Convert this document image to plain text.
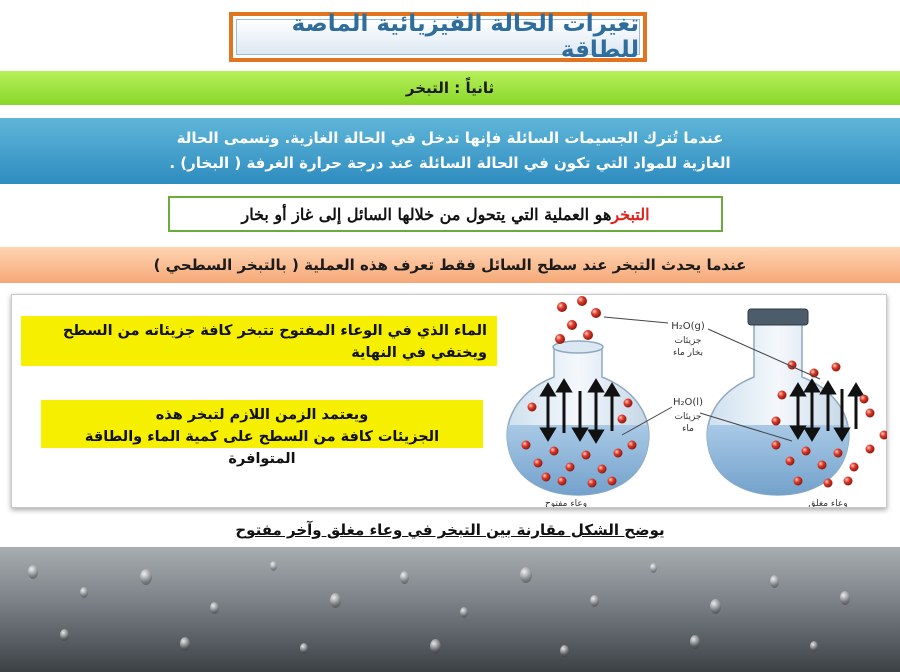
تغيرات الحالة الفيزيائية الماصة للطاقة
ثانياً : التبخر
عندما تُترك الجسيمات السائلة فإنها تدخل في الحالة الغازية. وتسمى الحالة
الغازية للمواد التي تكون في الحالة السائلة عند درجة حرارة الغرفة ( البخار) .
التبخر
هو العملية التي يتحول من خلالها السائل إلى غاز أو بخار
عندما يحدث التبخر عند سطح السائل فقط تعرف هذه العملية ( بالتبخر السطحي )
الماء الذي في الوعاء المفتوح تتبخر كافة جزيئاته من السطح ويختفي في النهاية
ويعتمد الزمن اللازم لتبخر هذه
الجزيئات كافة من السطح على كمية الماء والطاقة المتوافرة
H₂O(g)
جزيئات
بخار ماء
H₂O(l)
جزيئات
ماء
وعاء مفتوح	وعاء مغلق
يوضح الشكل مقارنة بين التبخر في وعاء مغلق وآخر مفتوح
